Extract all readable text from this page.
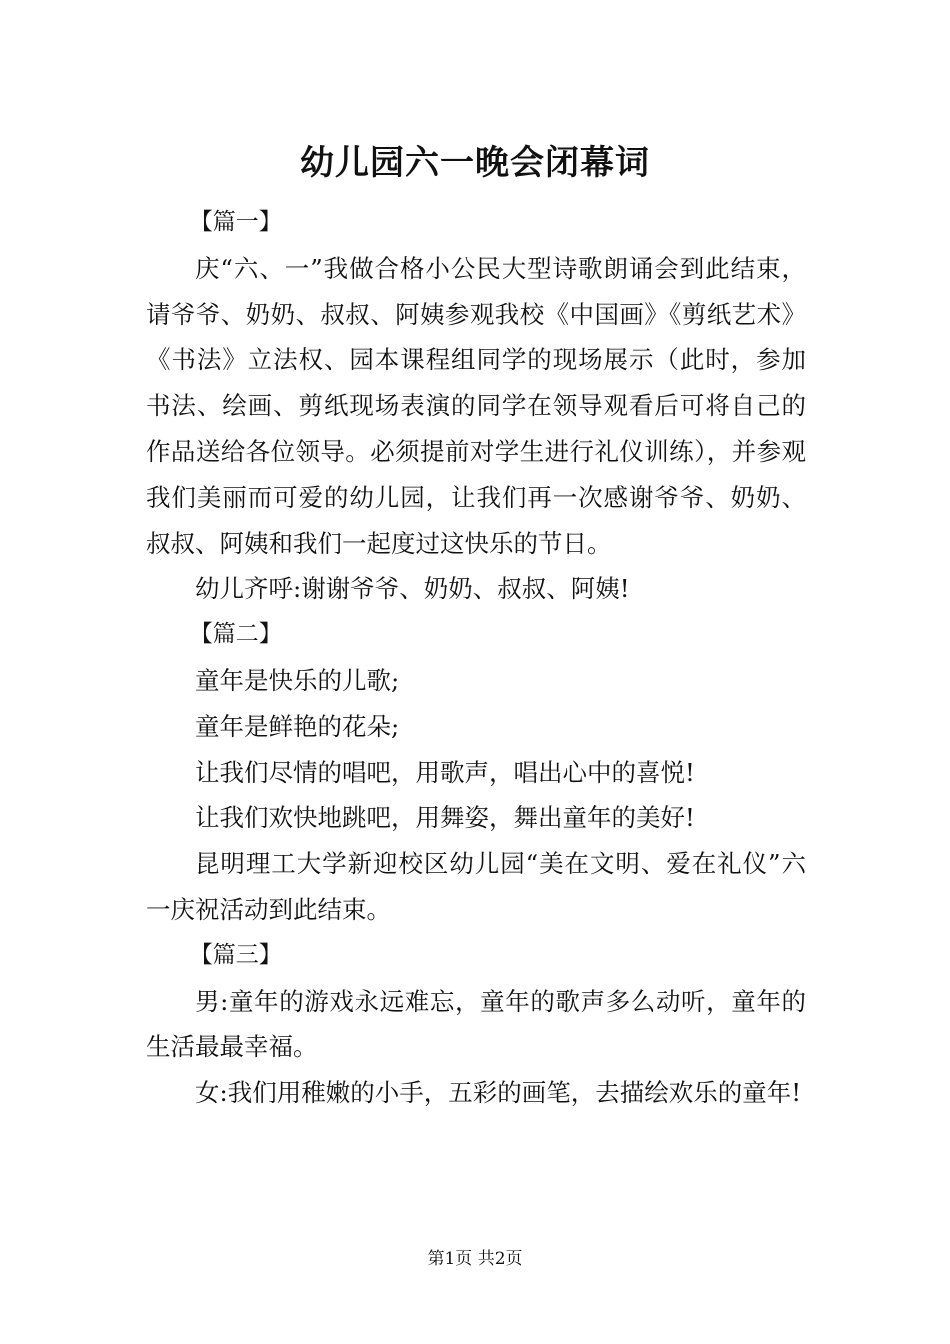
幼儿园六一晚会闭幕词

【篇一】

庆“六、一”我做合格小公民大型诗歌朗诵会到此结束，请爷爷、奶奶、叔叔、阿姨参观我校《中国画》《剪纸艺术》《书法》立法权、园本课程组同学的现场展示（此时，参加书法、绘画、剪纸现场表演的同学在领导观看后可将自己的作品送给各位领导。必须提前对学生进行礼仪训练），并参观我们美丽而可爱的幼儿园，让我们再一次感谢爷爷、奶奶、叔叔、阿姨和我们一起度过这快乐的节日。

幼儿齐呼:谢谢爷爷、奶奶、叔叔、阿姨!

【篇二】

童年是快乐的儿歌;

童年是鲜艳的花朵;

让我们尽情的唱吧，用歌声，唱出心中的喜悦!

让我们欢快地跳吧，用舞姿，舞出童年的美好!

昆明理工大学新迎校区幼儿园“美在文明、爱在礼仪”六一庆祝活动到此结束。

【篇三】

男:童年的游戏永远难忘，童年的歌声多么动听，童年的生活最最幸福。

女:我们用稚嫩的小手，五彩的画笔，去描绘欢乐的童年!

第1页 共2页
